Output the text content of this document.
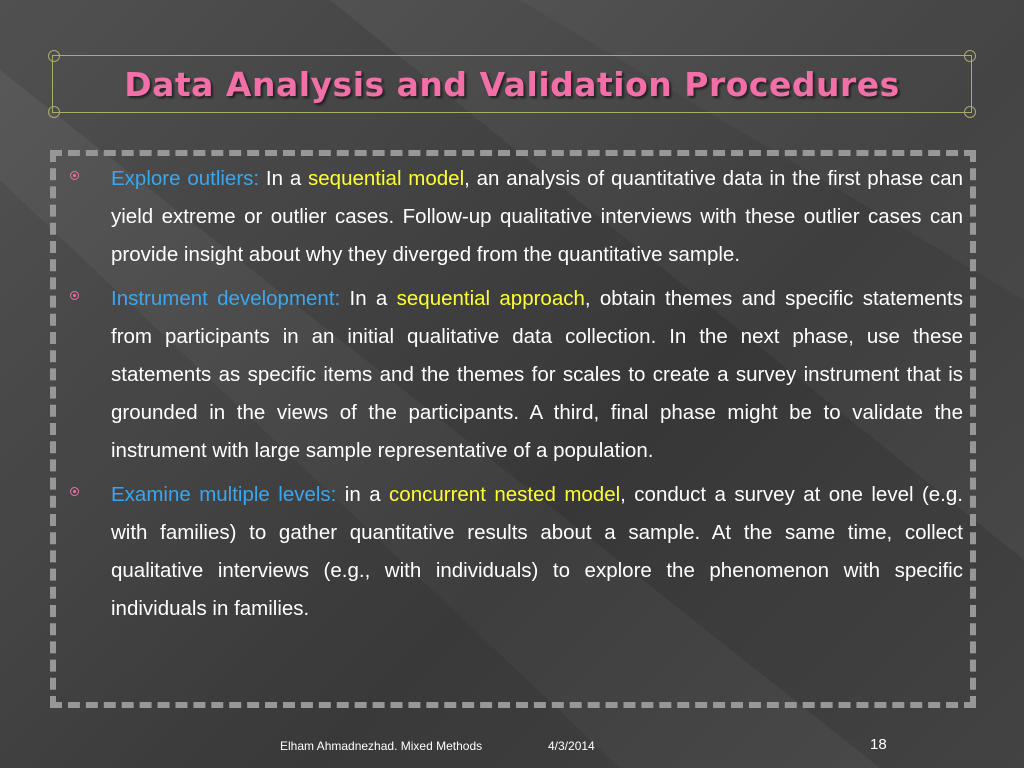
Data Analysis and Validation Procedures

Explore outliers: In a sequential model, an analysis of quantitative data in the first phase can yield extreme or outlier cases. Follow-up qualitative interviews with these outlier cases can provide insight about why they diverged from the quantitative sample.

Instrument development: In a sequential approach, obtain themes and specific statements from participants in an initial qualitative data collection. In the next phase, use these statements as specific items and the themes for scales to create a survey instrument that is grounded in the views of the participants. A third, final phase might be to validate the instrument with large sample representative of a population.

Examine multiple levels: in a concurrent nested model, conduct a survey at one level (e.g. with families) to gather quantitative results about a sample. At the same time, collect qualitative interviews (e.g., with individuals) to explore the phenomenon with specific individuals in families.

Elham Ahmadnezhad. Mixed Methods	4/3/2014	18
